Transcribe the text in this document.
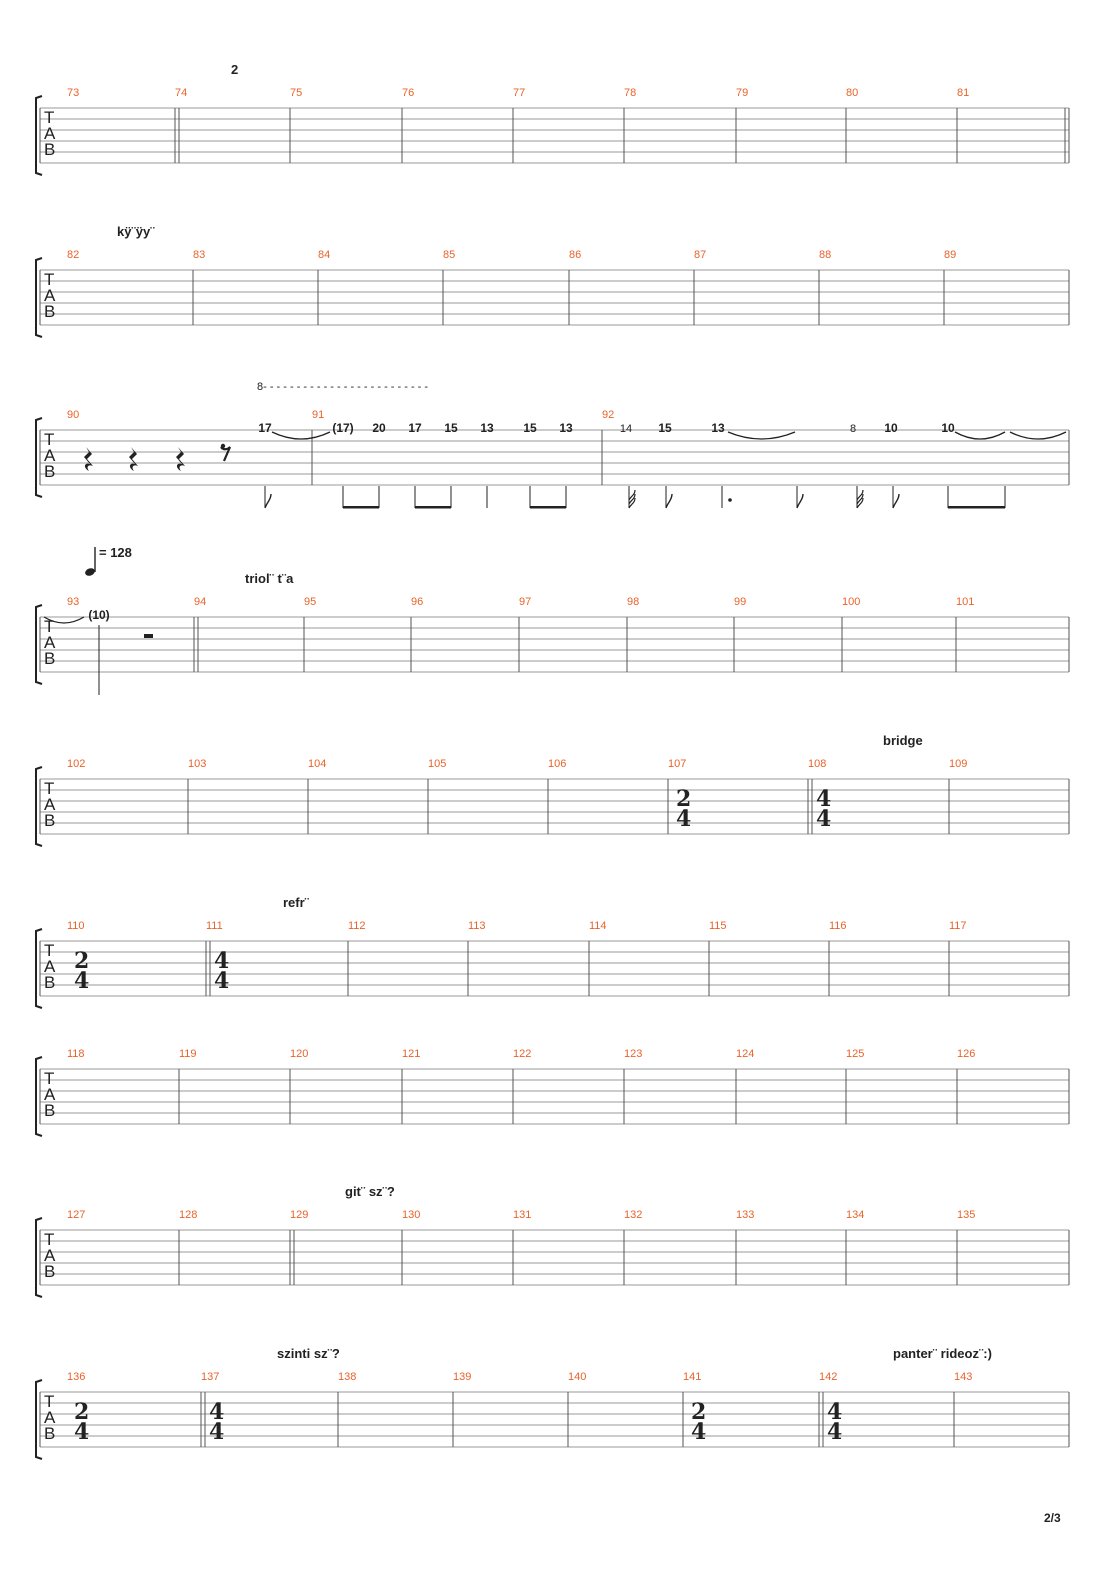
T
A
B
73	74	75	76	77	78	79	80	81
T
A
B
82	83	84	85	86	87	88	89
T
A
B
90	91	92
T
A
B
93	94	95	96	97	98	99	100	101
T
A
B
102	103	104	105	106	107	108	109
2
4
4
4
T
A
B
110	111	112	113	114	115	116	117
2
4
4
4
T
A
B
118	119	120	121	122	123	124	125	126
T
A
B
127	128	129	130	131	132	133	134	135
T
A
B
136	137	138	139	140	141	142	143
2
4
4
4
2
4
4
4
8- - - - - - - - - - - - - - - - - - - - - - - - -
17	(17) 20 17 15 13 15 13	14 15	13	8 10	10
(10)
2/3
2
kÿ¨ÿy¨
triol¨ t¨a
= 128
bridge
refr¨
git¨ sz¨?
szinti sz¨?	panter¨ rideoz¨:)
